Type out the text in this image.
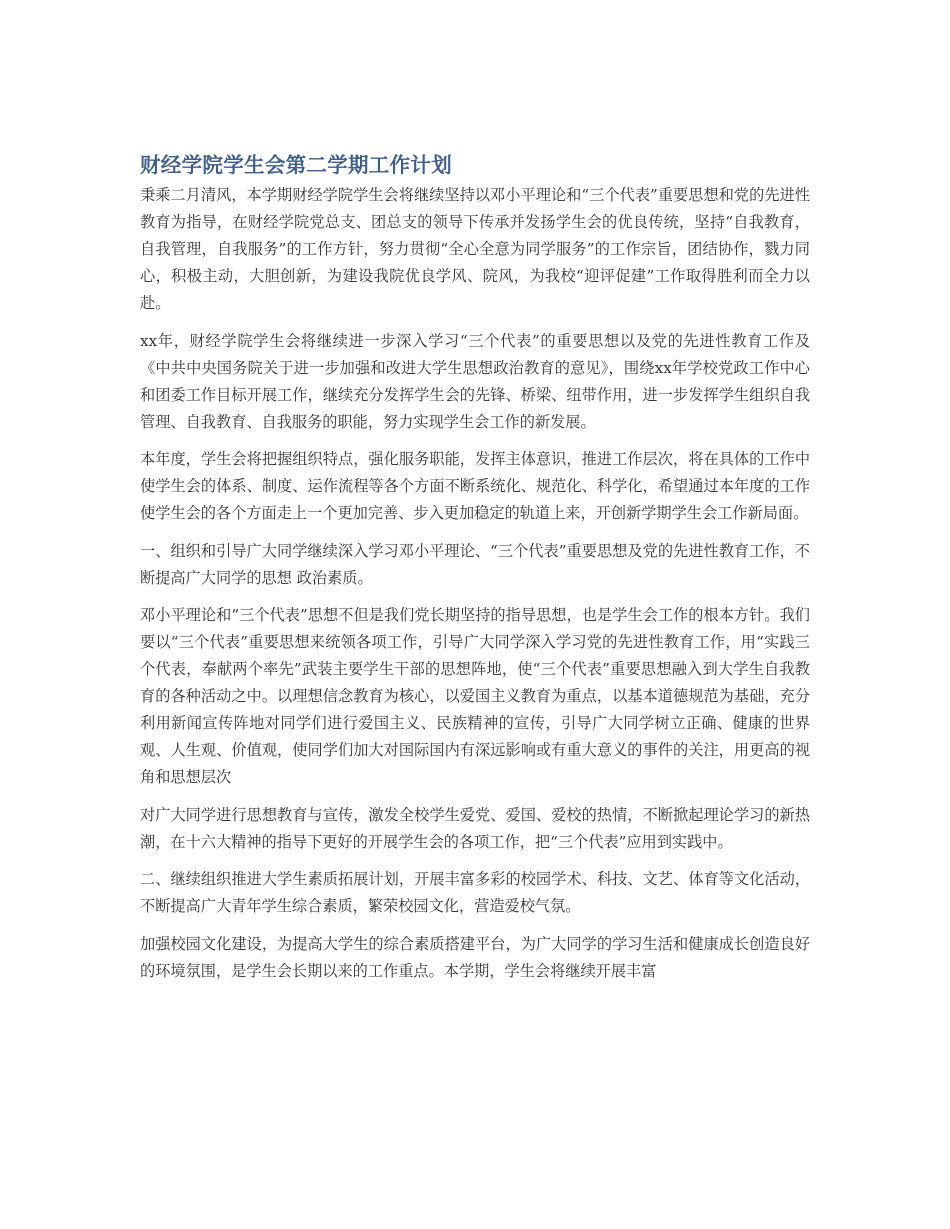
财经学院学生会第二学期工作计划

秉乘二月清风，本学期财经学院学生会将继续坚持以邓小平理论和“三个代表”重要思想和党的先进性教育为指导，在财经学院党总支、团总支的领导下传承并发扬学生会的优良传统，坚持“自我教育，自我管理，自我服务”的工作方针，努力贯彻“全心全意为同学服务”的工作宗旨，团结协作，戮力同心，积极主动，大胆创新，为建设我院优良学风、院风，为我校“迎评促建”工作取得胜利而全力以赴。

xx年，财经学院学生会将继续进一步深入学习“三个代表”的重要思想以及党的先进性教育工作及《中共中央国务院关于进一步加强和改进大学生思想政治教育的意见》，围绕xx年学校党政工作中心和团委工作目标开展工作，继续充分发挥学生会的先锋、桥梁、纽带作用，进一步发挥学生组织自我管理、自我教育、自我服务的职能，努力实现学生会工作的新发展。

本年度，学生会将把握组织特点，强化服务职能，发挥主体意识，推进工作层次，将在具体的工作中使学生会的体系、制度、运作流程等各个方面不断系统化、规范化、科学化，希望通过本年度的工作使学生会的各个方面走上一个更加完善、步入更加稳定的轨道上来，开创新学期学生会工作新局面。

一、组织和引导广大同学继续深入学习邓小平理论、“三个代表”重要思想及党的先进性教育工作，不断提高广大同学的思想 政治素质。

邓小平理论和“三个代表”思想不但是我们党长期坚持的指导思想，也是学生会工作的根本方针。我们要以“三个代表”重要思想来统领各项工作，引导广大同学深入学习党的先进性教育工作，用“实践三个代表，奉献两个率先”武装主要学生干部的思想阵地，使“三个代表”重要思想融入到大学生自我教育的各种活动之中。以理想信念教育为核心，以爱国主义教育为重点，以基本道德规范为基础，充分利用新闻宣传阵地对同学们进行爱国主义、民族精神的宣传，引导广大同学树立正确、健康的世界观、人生观、价值观，使同学们加大对国际国内有深远影响或有重大意义的事件的关注，用更高的视角和思想层次

对广大同学进行思想教育与宣传，激发全校学生爱党、爱国、爱校的热情，不断掀起理论学习的新热潮，在十六大精神的指导下更好的开展学生会的各项工作，把“三个代表”应用到实践中。

二、继续组织推进大学生素质拓展计划，开展丰富多彩的校园学术、科技、文艺、体育等文化活动，不断提高广大青年学生综合素质，繁荣校园文化，营造爱校气氛。

加强校园文化建设，为提高大学生的综合素质搭建平台，为广大同学的学习生活和健康成长创造良好的环境氛围，是学生会长期以来的工作重点。本学期，学生会将继续开展丰富
